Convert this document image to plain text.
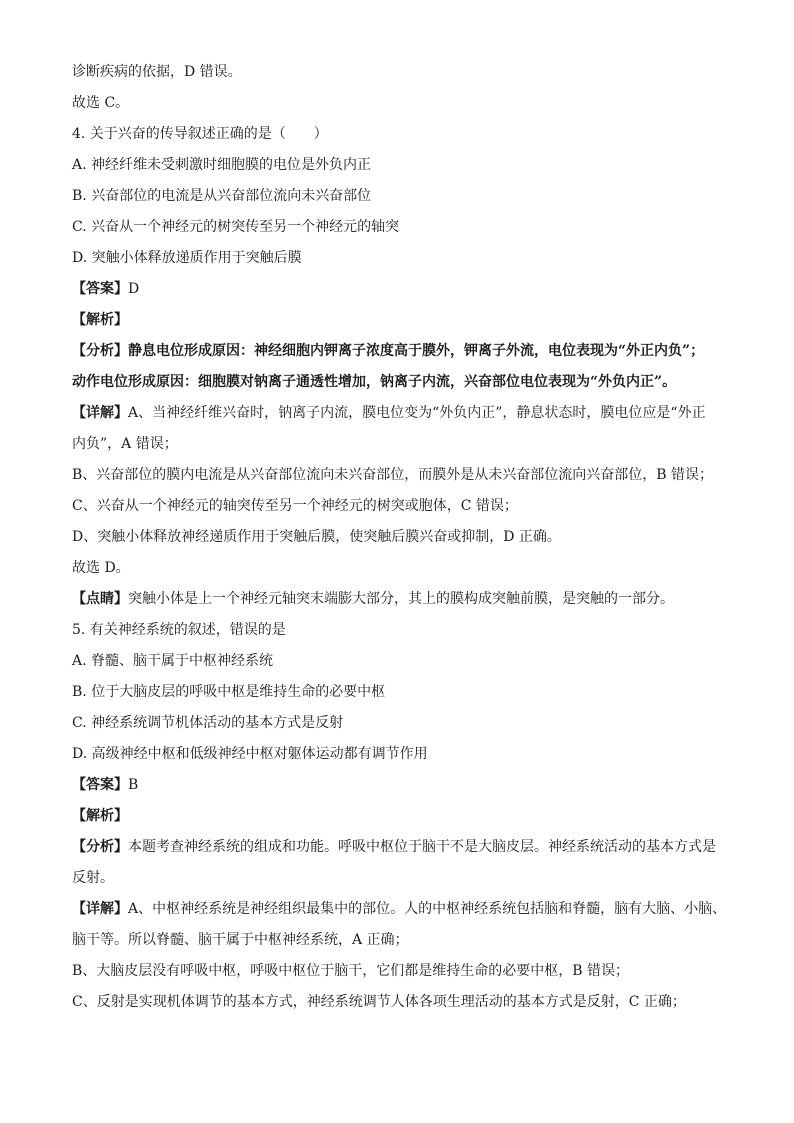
诊断疾病的依据，D 错误。

故选 C。

4. 关于兴奋的传导叙述正确的是（　　）

A. 神经纤维未受刺激时细胞膜的电位是外负内正

B. 兴奋部位的电流是从兴奋部位流向未兴奋部位

C. 兴奋从一个神经元的树突传至另一个神经元的轴突

D. 突触小体释放递质作用于突触后膜

【答案】D

【解析】

【分析】静息电位形成原因：神经细胞内钾离子浓度高于膜外，钾离子外流，电位表现为“外正内负”；

动作电位形成原因：细胞膜对钠离子通透性增加，钠离子内流，兴奋部位电位表现为“外负内正”。

【详解】A、当神经纤维兴奋时，钠离子内流，膜电位变为“外负内正”，静息状态时，膜电位应是“外正

内负”，A 错误；

B、兴奋部位的膜内电流是从兴奋部位流向未兴奋部位，而膜外是从未兴奋部位流向兴奋部位，B 错误；

C、兴奋从一个神经元的轴突传至另一个神经元的树突或胞体，C 错误；

D、突触小体释放神经递质作用于突触后膜，使突触后膜兴奋或抑制，D 正确。

故选 D。

【点睛】突触小体是上一个神经元轴突末端膨大部分，其上的膜构成突触前膜，是突触的一部分。

5. 有关神经系统的叙述，错误的是

A. 脊髓、脑干属于中枢神经系统

B. 位于大脑皮层的呼吸中枢是维持生命的必要中枢

C. 神经系统调节机体活动的基本方式是反射

D. 高级神经中枢和低级神经中枢对躯体运动都有调节作用

【答案】B

【解析】

【分析】本题考查神经系统的组成和功能。呼吸中枢位于脑干不是大脑皮层。神经系统活动的基本方式是

反射。

【详解】A、中枢神经系统是神经组织最集中的部位。人的中枢神经系统包括脑和脊髓，脑有大脑、小脑、

脑干等。所以脊髓、脑干属于中枢神经系统，A 正确；

B、大脑皮层没有呼吸中枢，呼吸中枢位于脑干，它们都是维持生命的必要中枢，B 错误；

C、反射是实现机体调节的基本方式，神经系统调节人体各项生理活动的基本方式是反射，C 正确；
